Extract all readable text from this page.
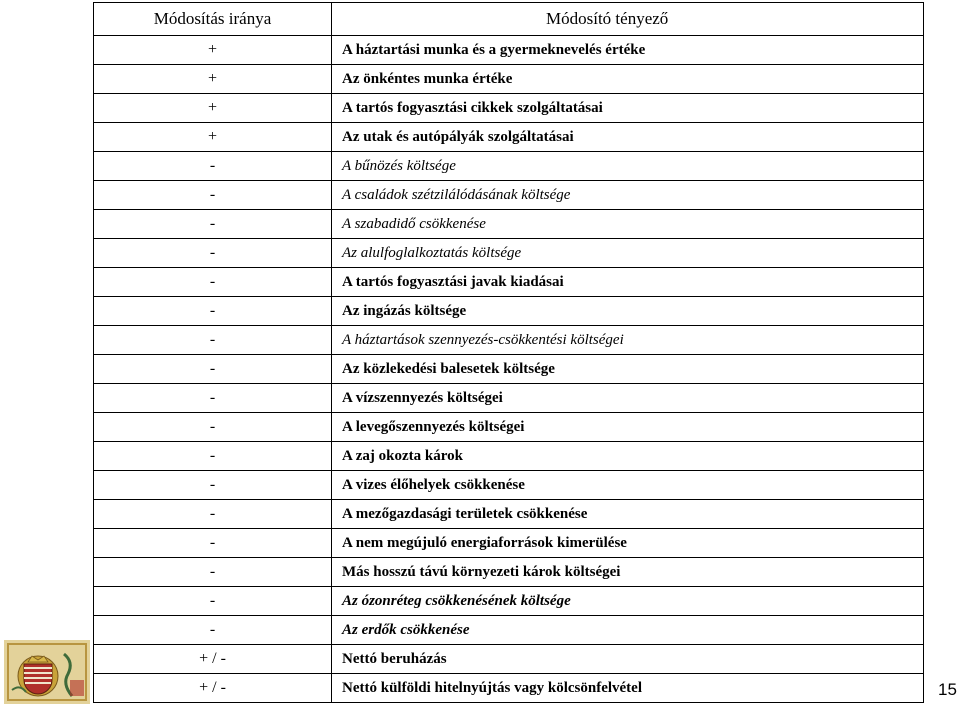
Módosítás iránya	Módosító tényező
+	A háztartási munka és a gyermeknevelés értéke
+	Az önkéntes munka értéke
+	A tartós fogyasztási cikkek szolgáltatásai
+	Az utak és autópályák szolgáltatásai
-	A bűnözés költsége
-	A családok szétzilálódásának költsége
-	A szabadidő csökkenése
-	Az alulfoglalkoztatás költsége
-	A tartós fogyasztási javak kiadásai
-	Az ingázás költsége
-	A háztartások szennyezés-csökkentési költségei
-	Az közlekedési balesetek költsége
-	A vízszennyezés költségei
-	A levegőszennyezés költségei
-	A zaj okozta károk
-	A vizes élőhelyek csökkenése
-	A mezőgazdasági területek csökkenése
-	A nem megújuló energiaforrások kimerülése
-	Más hosszú távú környezeti károk költségei
-	Az ózonréteg csökkenésének költsége
-	Az erdők csökkenése
+ / -	Nettó beruházás
+ / -	Nettó külföldi hitelnyújtás vagy kölcsönfelvétel	15
